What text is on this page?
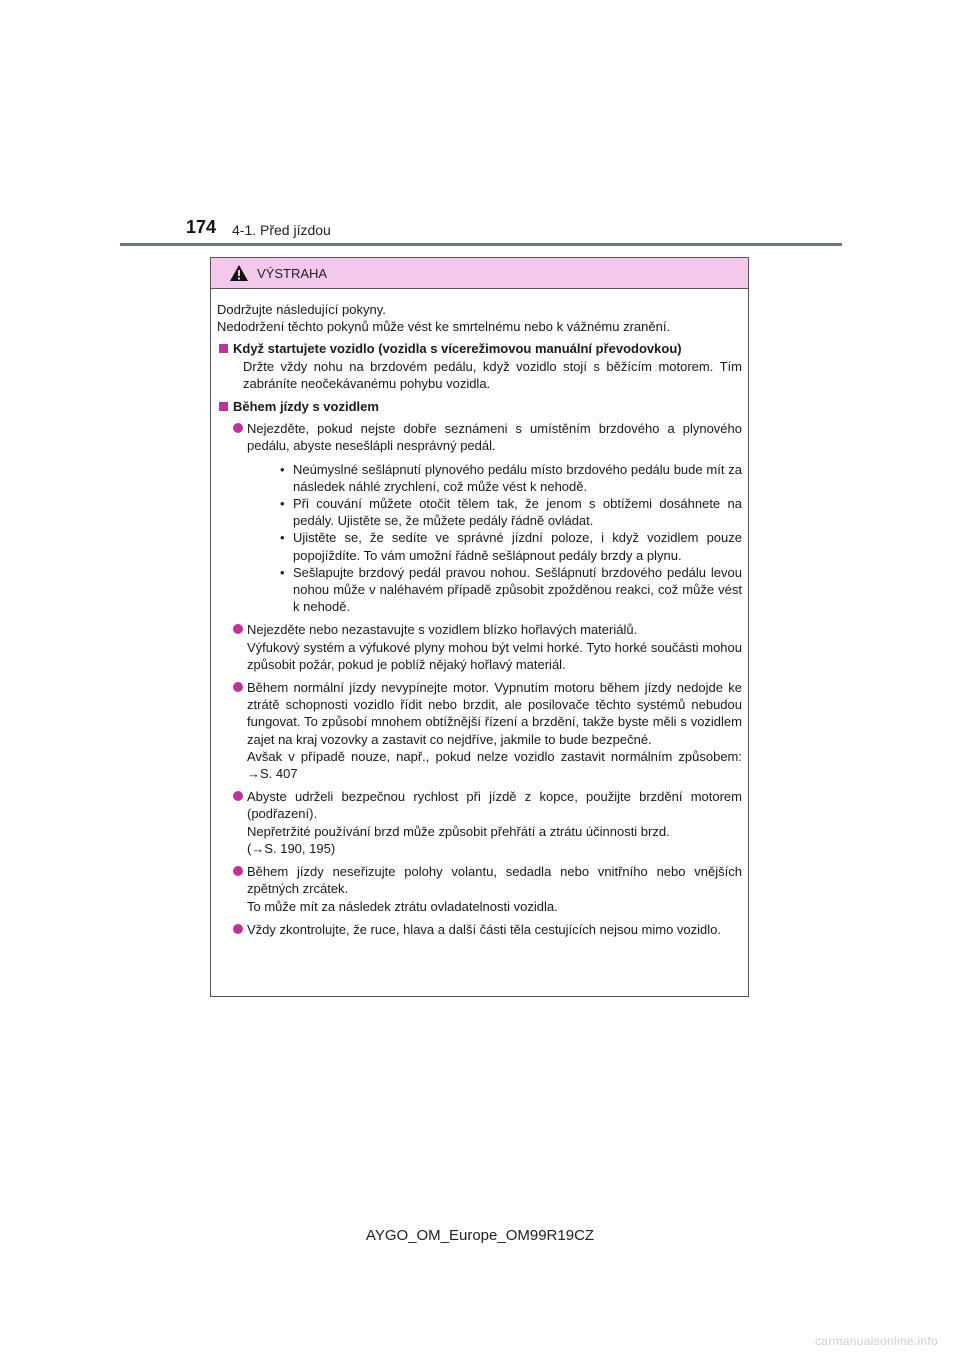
174 4-1. Před jízdou
VÝSTRAHA

Dodržujte následující pokyny.

Nedodržení těchto pokynů může vést ke smrtelnému nebo k vážnému zranění.

Když startujete vozidlo (vozidla s vícerežimovou manuální převodovkou)

Držte vždy nohu na brzdovém pedálu, když vozidlo stojí s běžícím motorem. Tím zabráníte neočekávanému pohybu vozidla.

Během jízdy s vozidlem

Nejezděte, pokud nejste dobře seznámeni s umístěním brzdového a plynového pedálu, abyste nesešlápli nesprávný pedál.

• Neúmyslné sešlápnutí plynového pedálu místo brzdového pedálu bude mít za následek náhlé zrychlení, což může vést k nehodě.

• Při couvání můžete otočit tělem tak, že jenom s obtížemi dosáhnete na pedály. Ujistěte se, že můžete pedály řádně ovládat.

• Ujistěte se, že sedíte ve správné jízdní poloze, i když vozidlem pouze popojíždíte. To vám umožní řádně sešlápnout pedály brzdy a plynu.

• Sešlapujte brzdový pedál pravou nohou. Sešlápnutí brzdového pedálu levou nohou může v naléhavém případě způsobit zpožděnou reakci, což může vést k nehodě.

Nejezděte nebo nezastavujte s vozidlem blízko hořlavých materiálů.

Výfukový systém a výfukové plyny mohou být velmi horké. Tyto horké součásti mohou způsobit požár, pokud je poblíž nějaký hořlavý materiál.

Během normální jízdy nevypínejte motor. Vypnutím motoru během jízdy nedojde ke ztrátě schopnosti vozidlo řídit nebo brzdit, ale posilovače těchto systémů nebudou fungovat. To způsobí mnohem obtížnější řízení a brzdění, takže byste měli s vozidlem zajet na kraj vozovky a zastavit co nejdříve, jakmile to bude bezpečné.

Avšak v případě nouze, např., pokud nelze vozidlo zastavit normálním způsobem: →S. 407

Abyste udrželi bezpečnou rychlost při jízdě z kopce, použijte brzdění motorem (podřazení).

Nepřetržité používání brzd může způsobit přehřátí a ztrátu účinnosti brzd.

(→S. 190, 195)

Během jízdy neseřizujte polohy volantu, sedadla nebo vnitřního nebo vnějších zpětných zrcátek.

To může mít za následek ztrátu ovladatelnosti vozidla.

Vždy zkontrolujte, že ruce, hlava a další části těla cestujících nejsou mimo vozidlo.

AYGO_OM_Europe_OM99R19CZ
carmanualsonline.info
